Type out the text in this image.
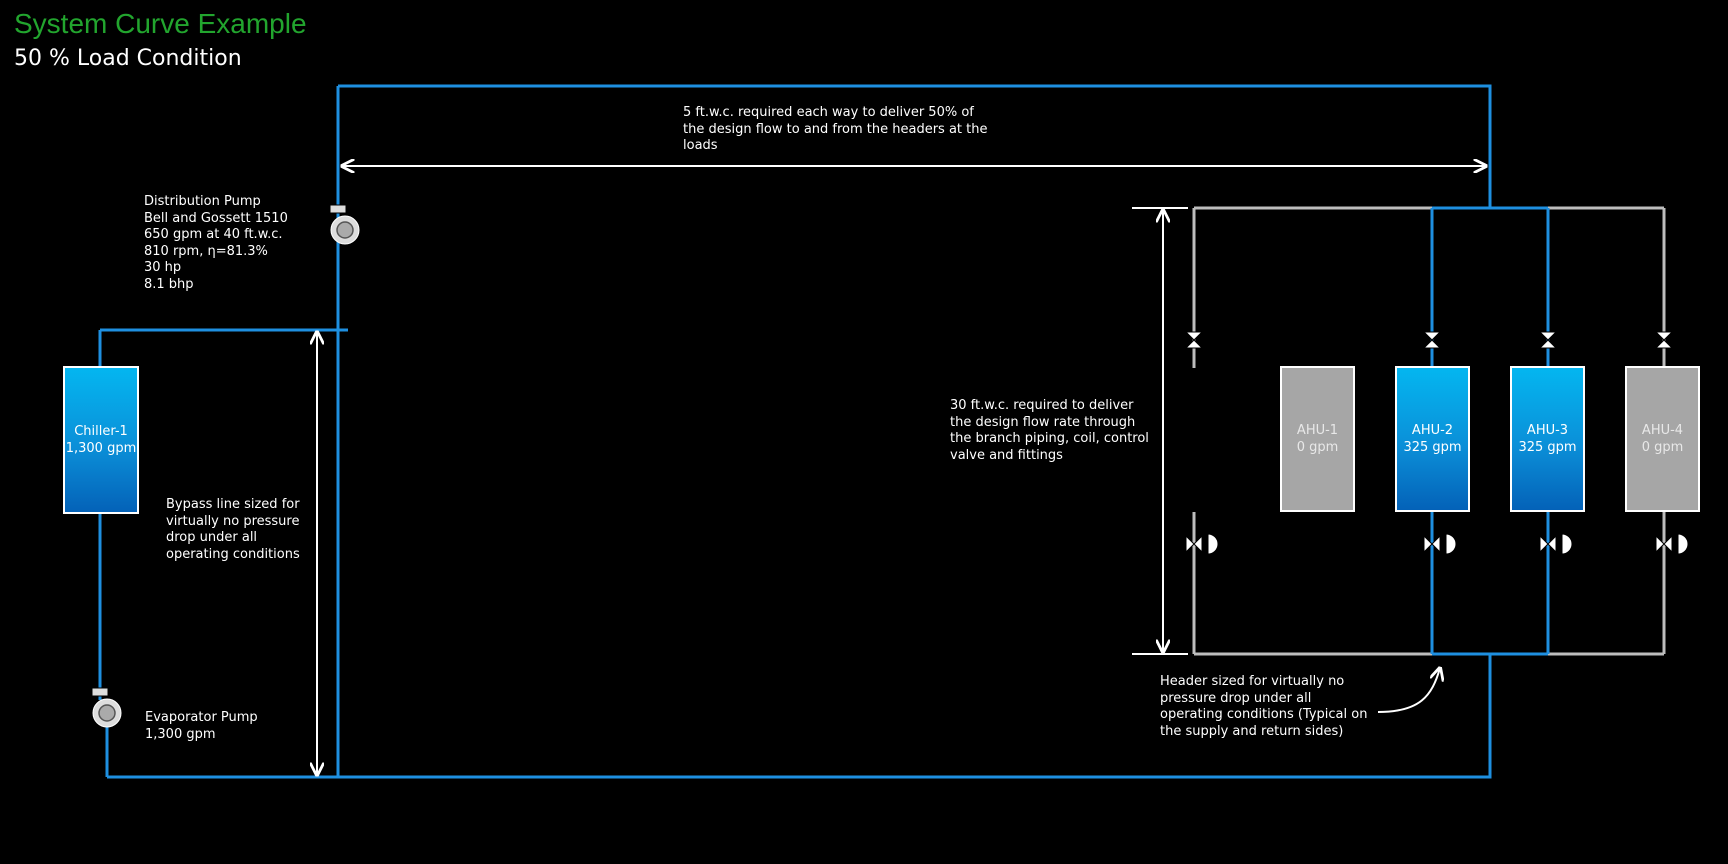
System Curve Example
50 % Load Condition
5 ft.w.c. required each way to deliver 50% of
the design flow to and from the headers at the
loads
Distribution Pump
Bell and Gossett 1510
650 gpm at 40 ft.w.c.
810 rpm, η=81.3%
30 hp
8.1 bhp
Bypass line sized for
virtually no pressure
drop under all
operating conditions
30 ft.w.c. required to deliver
the design flow rate through
the branch piping, coil, control
valve and fittings
Evaporator Pump
1,300 gpm
Header sized for virtually no
pressure drop under all
operating conditions (Typical on
the supply and return sides)
Chiller-1
1,300 gpm
AHU-1
0 gpm
AHU-2
325 gpm
AHU-3
325 gpm
AHU-4
0 gpm
